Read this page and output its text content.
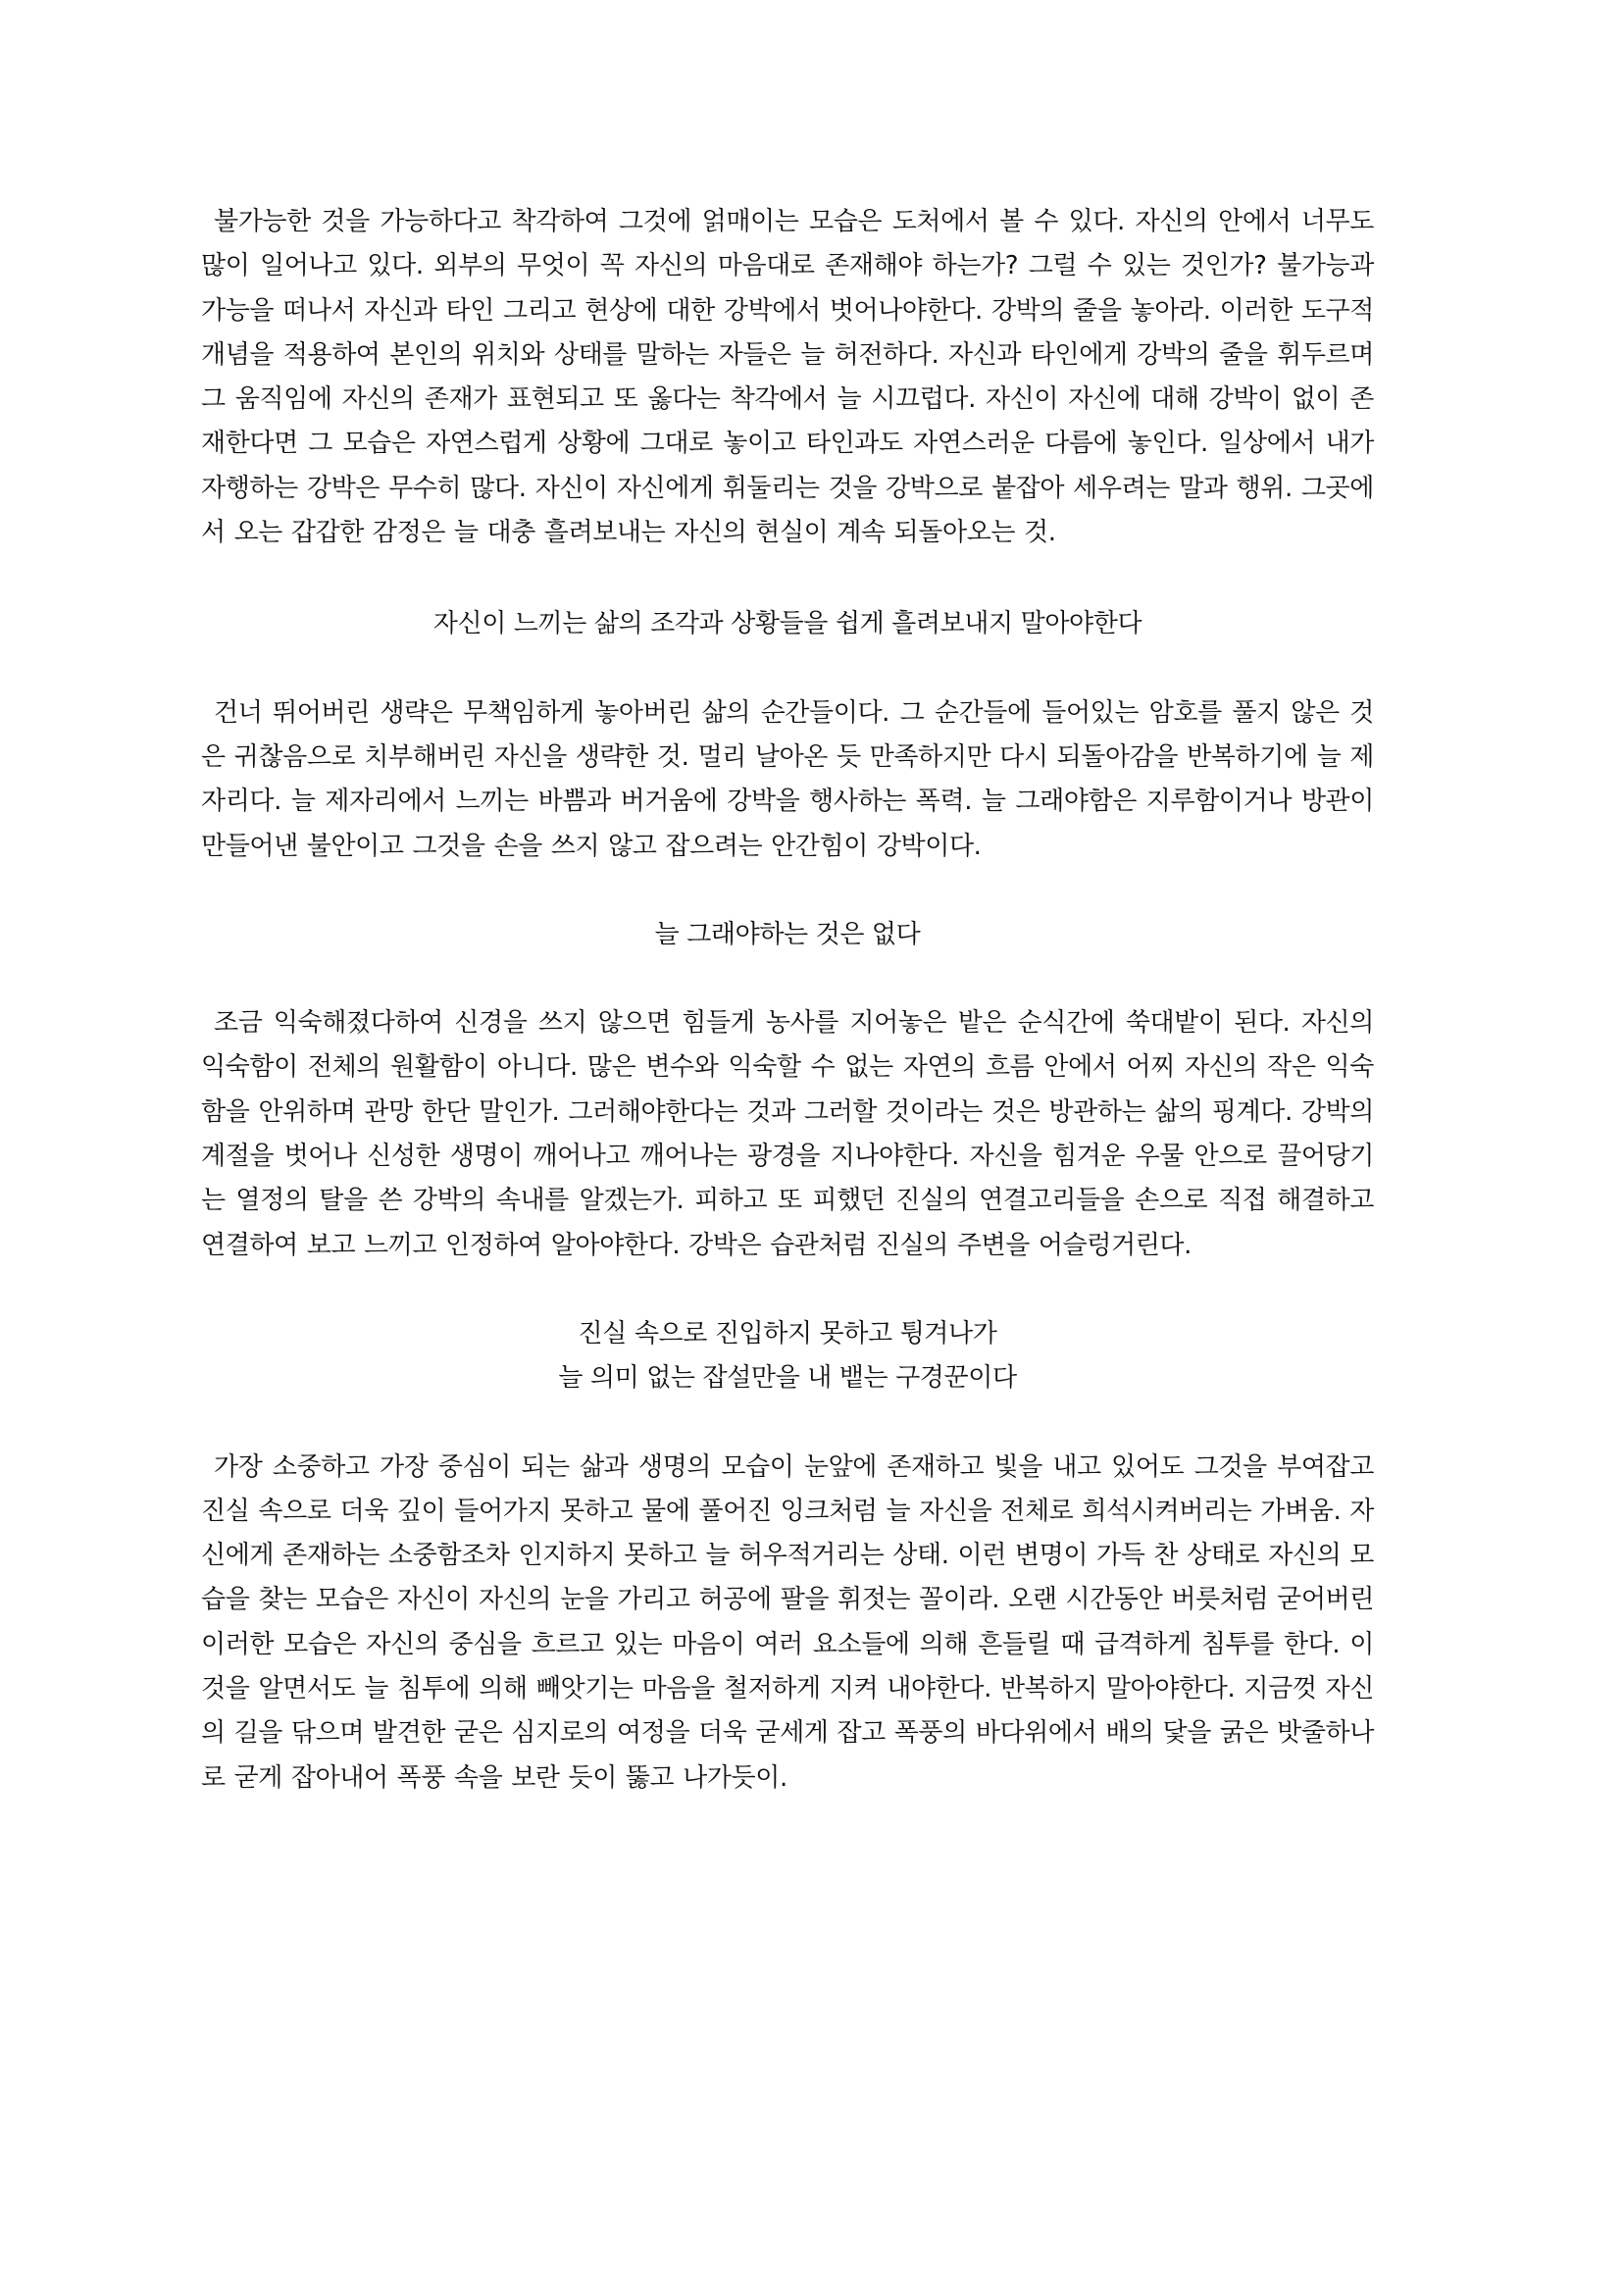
불가능한 것을 가능하다고 착각하여 그것에 얽매이는 모습은 도처에서 볼 수 있다. 자신의 안에서 너무도 많이 일어나고 있다. 외부의 무엇이 꼭 자신의 마음대로 존재해야 하는가? 그럴 수 있는 것인가? 불가능과 가능을 떠나서 자신과 타인 그리고 현상에 대한 강박에서 벗어나야한다. 강박의 줄을 놓아라. 이러한 도구적 개념을 적용하여 본인의 위치와 상태를 말하는 자들은 늘 허전하다. 자신과 타인에게 강박의 줄을 휘두르며 그 움직임에 자신의 존재가 표현되고 또 옳다는 착각에서 늘 시끄럽다. 자신이 자신에 대해 강박이 없이 존재한다면 그 모습은 자연스럽게 상황에 그대로 놓이고 타인과도 자연스러운 다름에 놓인다. 일상에서 내가 자행하는 강박은 무수히 많다. 자신이 자신에게 휘둘리는 것을 강박으로 붙잡아 세우려는 말과 행위. 그곳에서 오는 갑갑한 감정은 늘 대충 흘려보내는 자신의 현실이 계속 되돌아오는 것.

자신이 느끼는 삶의 조각과 상황들을 쉽게 흘려보내지 말아야한다

건너 뛰어버린 생략은 무책임하게 놓아버린 삶의 순간들이다. 그 순간들에 들어있는 암호를 풀지 않은 것은 귀찮음으로 치부해버린 자신을 생략한 것. 멀리 날아온 듯 만족하지만 다시 되돌아감을 반복하기에 늘 제자리다. 늘 제자리에서 느끼는 바쁨과 버거움에 강박을 행사하는 폭력. 늘 그래야함은 지루함이거나 방관이 만들어낸 불안이고 그것을 손을 쓰지 않고 잡으려는 안간힘이 강박이다.

늘 그래야하는 것은 없다

조금 익숙해졌다하여 신경을 쓰지 않으면 힘들게 농사를 지어놓은 밭은 순식간에 쑥대밭이 된다. 자신의 익숙함이 전체의 원활함이 아니다. 많은 변수와 익숙할 수 없는 자연의 흐름 안에서 어찌 자신의 작은 익숙함을 안위하며 관망 한단 말인가. 그러해야한다는 것과 그러할 것이라는 것은 방관하는 삶의 핑계다. 강박의 계절을 벗어나 신성한 생명이 깨어나고 깨어나는 광경을 지나야한다. 자신을 힘겨운 우물 안으로 끌어당기는 열정의 탈을 쓴 강박의 속내를 알겠는가. 피하고 또 피했던 진실의 연결고리들을 손으로 직접 해결하고 연결하여 보고 느끼고 인정하여 알아야한다. 강박은 습관처럼 진실의 주변을 어슬렁거린다.

진실 속으로 진입하지 못하고 튕겨나가
늘 의미 없는 잡설만을 내 뱉는 구경꾼이다

가장 소중하고 가장 중심이 되는 삶과 생명의 모습이 눈앞에 존재하고 빛을 내고 있어도 그것을 부여잡고 진실 속으로 더욱 깊이 들어가지 못하고 물에 풀어진 잉크처럼 늘 자신을 전체로 희석시켜버리는 가벼움. 자신에게 존재하는 소중함조차 인지하지 못하고 늘 허우적거리는 상태. 이런 변명이 가득 찬 상태로 자신의 모습을 찾는 모습은 자신이 자신의 눈을 가리고 허공에 팔을 휘젓는 꼴이라. 오랜 시간동안 버릇처럼 굳어버린 이러한 모습은 자신의 중심을 흐르고 있는 마음이 여러 요소들에 의해 흔들릴 때 급격하게 침투를 한다. 이것을 알면서도 늘 침투에 의해 빼앗기는 마음을 철저하게 지켜 내야한다. 반복하지 말아야한다. 지금껏 자신의 길을 닦으며 발견한 굳은 심지로의 여정을 더욱 굳세게 잡고 폭풍의 바다위에서 배의 닻을 굵은 밧줄하나로 굳게 잡아내어 폭풍 속을 보란 듯이 뚫고 나가듯이.
